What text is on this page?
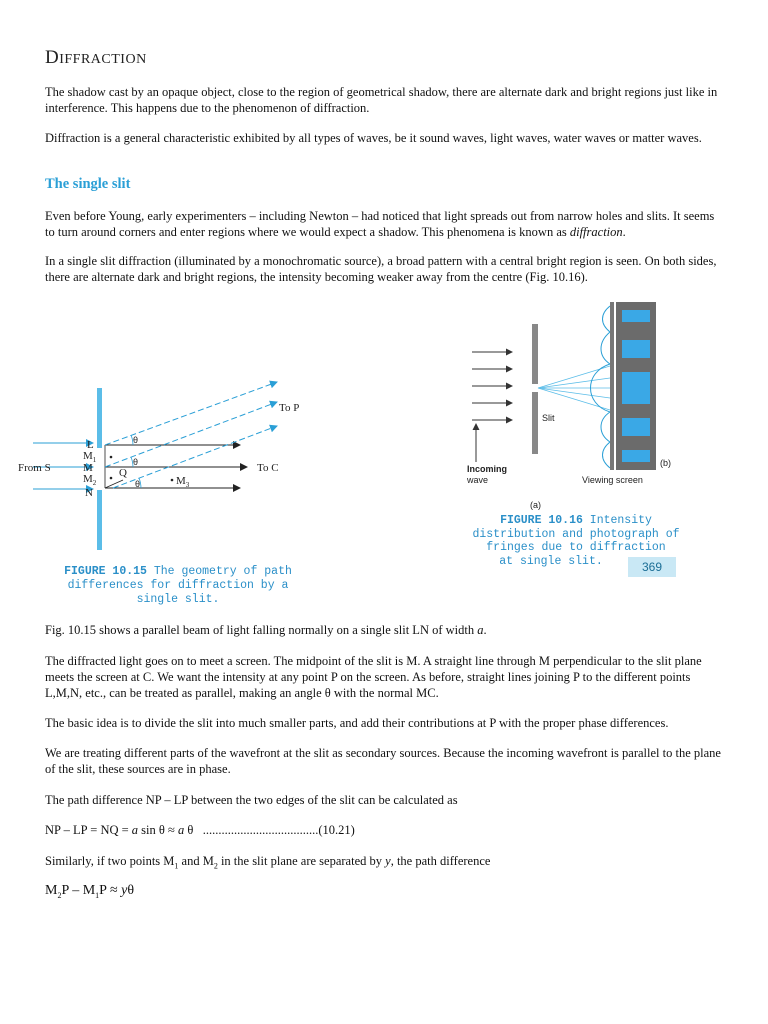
DIFFRACTION

The shadow cast by an opaque object, close to the region of geometrical shadow, there are alternate dark and bright regions just like in interference. This happens due to the phenomenon of diffraction.

Diffraction is a general characteristic exhibited by all types of waves, be it sound waves, light waves, water waves or matter waves.

The single slit

Even before Young, early experimenters – including Newton – had noticed that light spreads out from narrow holes and slits. It seems to turn around corners and enter regions where we would expect a shadow. This phenomena is known as diffraction.

In a single slit diffraction (illuminated by a monochromatic source), a broad pattern with a central bright region is seen. On both sides, there are alternate dark and bright regions, the intensity becoming weaker away from the centre (Fig. 10.16).

To P
To C
From S
L
$M_1$
M
$M_2$
N
Q
$M_3$
θ
θ
θ
FIGURE 10.15 The geometry of path
differences for diffraction by a single slit.
Slit
Incoming
wave	Viewing screen
(b)
(a)
FIGURE 10.16 Intensity
distribution and photograph of
fringes due to diffraction
at single slit.	369

Fig. 10.15 shows a parallel beam of light falling normally on a single slit LN of width a.

The diffracted light goes on to meet a screen. The midpoint of the slit is M. A straight line through M perpendicular to the slit plane meets the screen at C. We want the intensity at any point P on the screen. As before, straight lines joining P to the different points L,M,N, etc., can be treated as parallel, making an angle θ with the normal MC.

The basic idea is to divide the slit into much smaller parts, and add their contributions at P with the proper phase differences.

We are treating different parts of the wavefront at the slit as secondary sources. Because the incoming wavefront is parallel to the plane of the slit, these sources are in phase.

The path difference NP – LP between the two edges of the slit can be calculated as

NP – LP = NQ = a sin θ ≈ a θ .....................................(10.21)

Similarly, if two points $M_1$ and $M_2$ in the slit plane are separated by y, the path difference

$M_2P - M_1P \approx y\theta$
